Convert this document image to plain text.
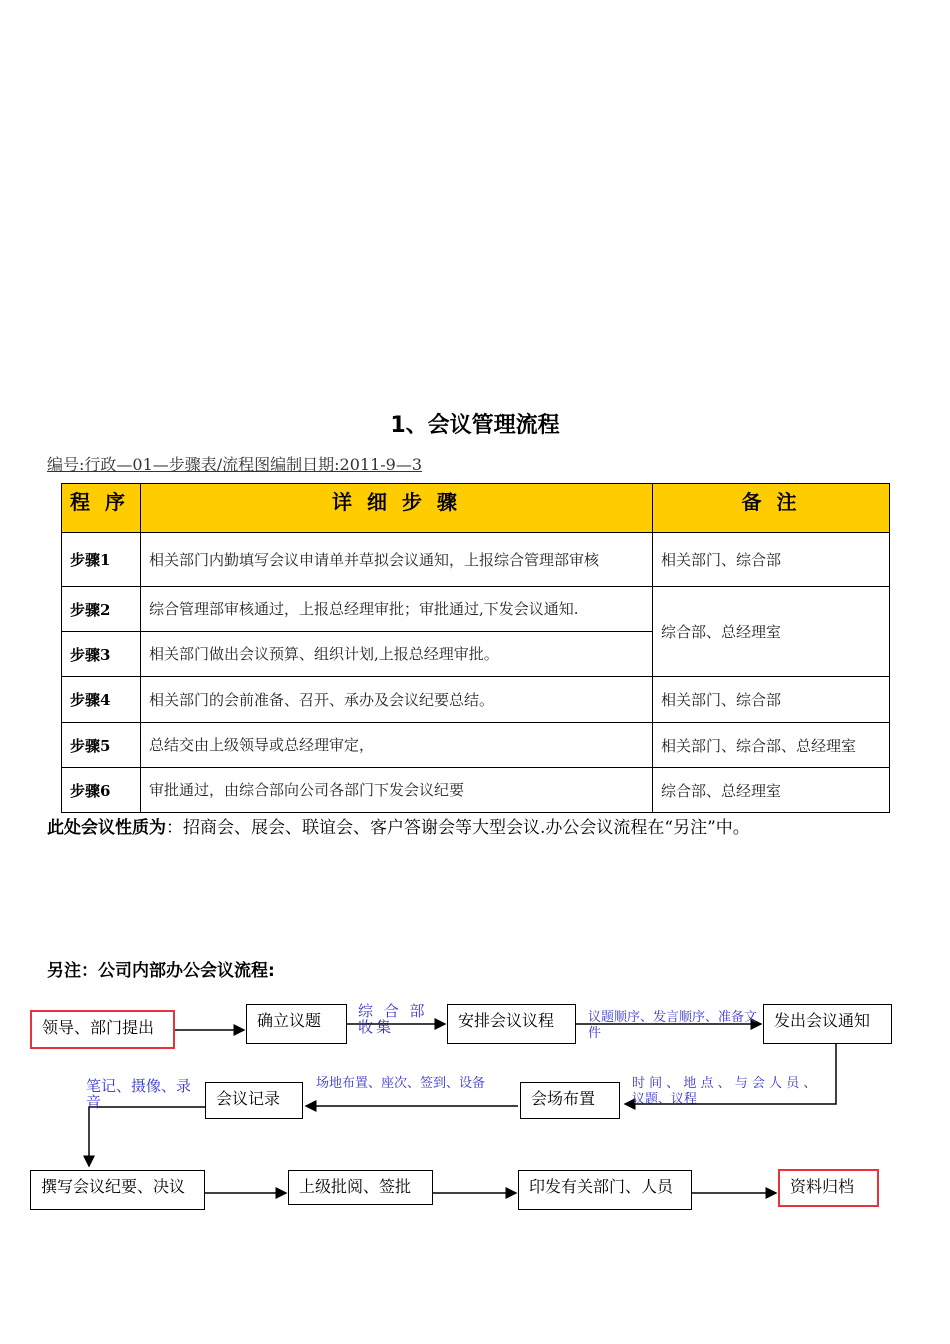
1、会议管理流程
编号:行政—01—步骤表/流程图编制日期:2011-9—3
程 序	详 细 步 骤	备 注
步骤1	相关部门内勤填写会议申请单并草拟会议通知，上报综合管理部审核	相关部门、综合部
步骤2	综合管理部审核通过，上报总经理审批；审批通过,下发会议通知.	综合部、总经理室
步骤3	相关部门做出会议预算、组织计划,上报总经理审批。	
步骤4	相关部门的会前准备、召开、承办及会议纪要总结。	相关部门、综合部
步骤5	总结交由上级领导或总经理审定，	相关部门、综合部、总经理室
步骤6	审批通过，由综合部向公司各部门下发会议纪要	综合部、总经理室
此处会议性质为：招商会、展会、联谊会、客户答谢会等大型会议.办公会议流程在“另注”中。
另注：公司内部办公会议流程:
领导、部门提出	确立议题	安排会议议程	发出会议通知
会场布置
会议记录
撰写会议纪要、决议	上级批阅、签批	印发有关部门、人员	资料归档
综 合 部 收集
议题顺序、发言顺序、准备文件
时 间 、 地 点 、 与 会 人 员 、 议题、议程
场地布置、座次、签到、设备
笔记、摄像、录音
